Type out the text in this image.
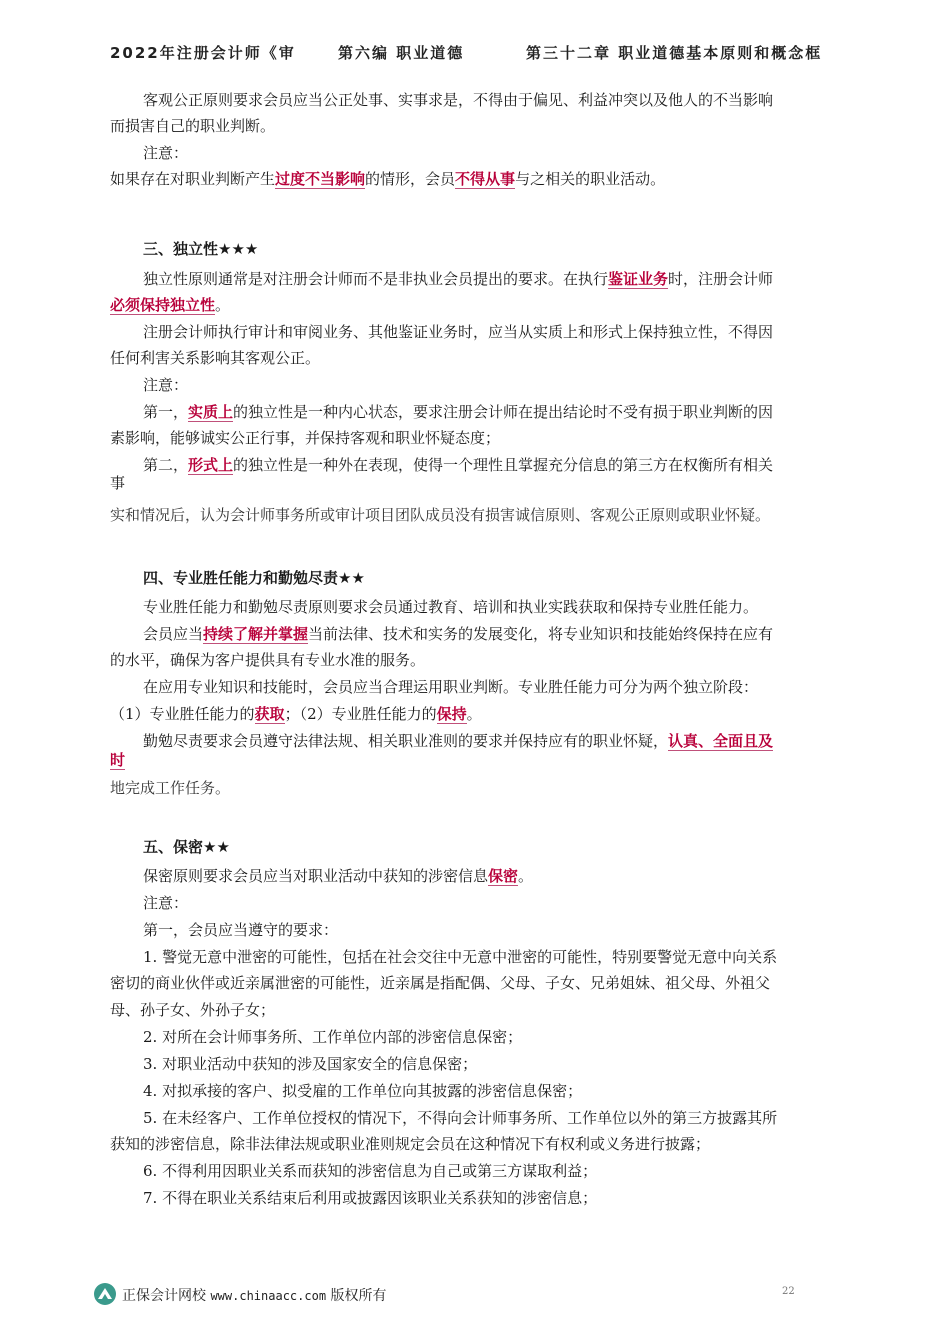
2022年注册会计师《审	第六编 职业道德	第三十二章 职业道德基本原则和概念框
客观公正原则要求会员应当公正处事、实事求是，不得由于偏见、利益冲突以及他人的不当影响
而损害自己的职业判断。
注意：
如果存在对职业判断产生过度不当影响的情形，会员不得从事与之相关的职业活动。
三、独立性★★★
独立性原则通常是对注册会计师而不是非执业会员提出的要求。在执行鉴证业务时，注册会计师
必须保持独立性。
注册会计师执行审计和审阅业务、其他鉴证业务时，应当从实质上和形式上保持独立性，不得因
任何利害关系影响其客观公正。
注意：
第一，实质上的独立性是一种内心状态，要求注册会计师在提出结论时不受有损于职业判断的因
素影响，能够诚实公正行事，并保持客观和职业怀疑态度；
第二，形式上的独立性是一种外在表现，使得一个理性且掌握充分信息的第三方在权衡所有相关
事
实和情况后，认为会计师事务所或审计项目团队成员没有损害诚信原则、客观公正原则或职业怀疑。
四、专业胜任能力和勤勉尽责★★
专业胜任能力和勤勉尽责原则要求会员通过教育、培训和执业实践获取和保持专业胜任能力。
会员应当持续了解并掌握当前法律、技术和实务的发展变化，将专业知识和技能始终保持在应有
的水平，确保为客户提供具有专业水准的服务。
在应用专业知识和技能时，会员应当合理运用职业判断。专业胜任能力可分为两个独立阶段：
（1）专业胜任能力的获取；（2）专业胜任能力的保持。
勤勉尽责要求会员遵守法律法规、相关职业准则的要求并保持应有的职业怀疑，认真、全面且及
时
地完成工作任务。
五、保密★★
保密原则要求会员应当对职业活动中获知的涉密信息保密。
注意：
第一，会员应当遵守的要求：
1. 警觉无意中泄密的可能性，包括在社会交往中无意中泄密的可能性，特别要警觉无意中向关系
密切的商业伙伴或近亲属泄密的可能性，近亲属是指配偶、父母、子女、兄弟姐妹、祖父母、外祖父
母、孙子女、外孙子女；
2. 对所在会计师事务所、工作单位内部的涉密信息保密；
3. 对职业活动中获知的涉及国家安全的信息保密；
4. 对拟承接的客户、拟受雇的工作单位向其披露的涉密信息保密；
5. 在未经客户、工作单位授权的情况下，不得向会计师事务所、工作单位以外的第三方披露其所
获知的涉密信息，除非法律法规或职业准则规定会员在这种情况下有权利或义务进行披露；
6. 不得利用因职业关系而获知的涉密信息为自己或第三方谋取利益；
7. 不得在职业关系结束后利用或披露因该职业关系获知的涉密信息；
正保会计网校 www.chinaacc.com 版权所有	22
